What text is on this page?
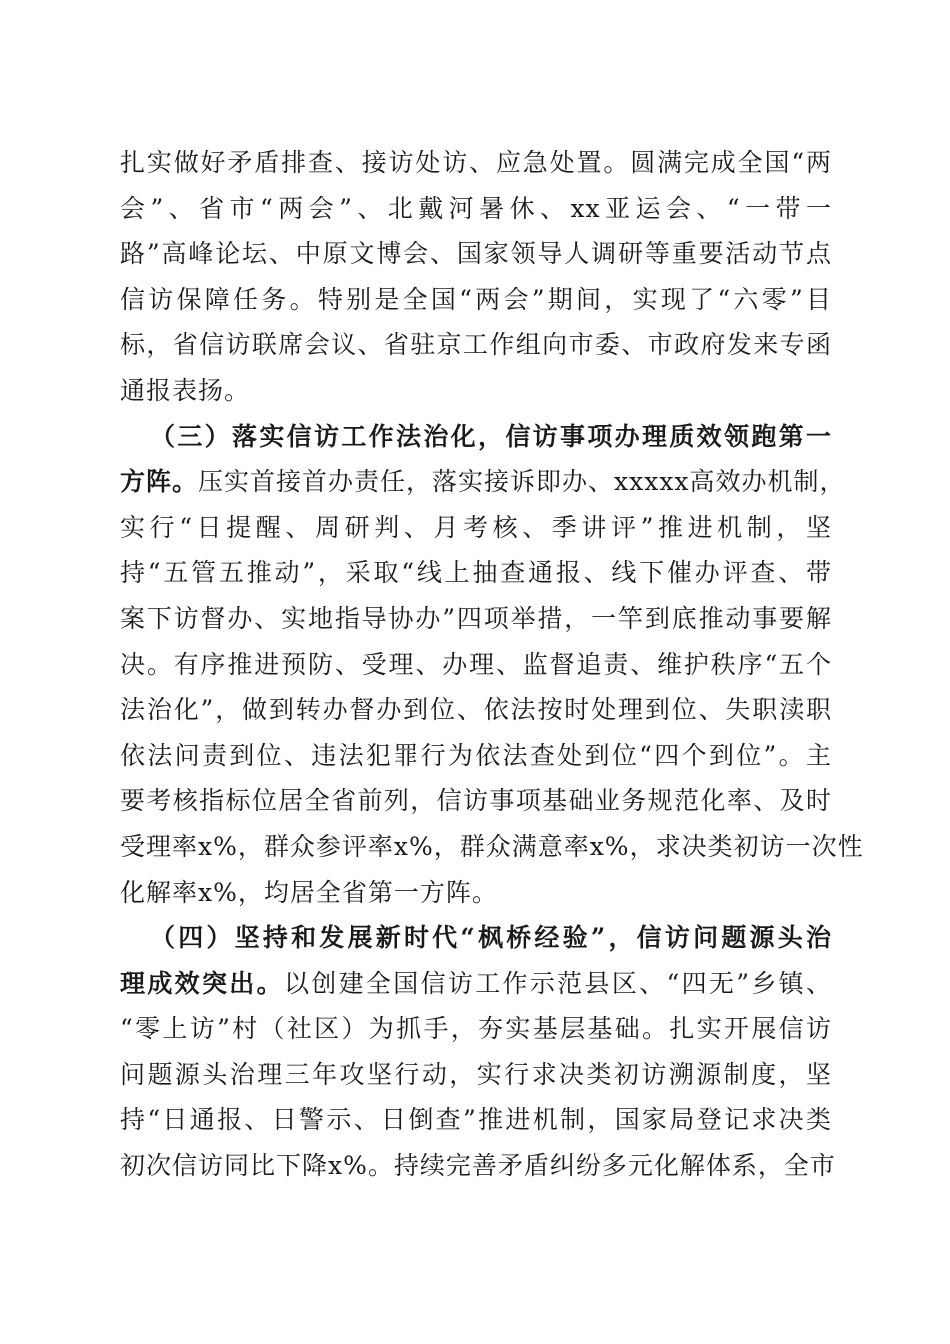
扎实做好矛盾排查、接访处访、应急处置。圆满完成全国“两
会”、省市“两会”、北戴河暑休、xx亚运会、“一带一
路”高峰论坛、中原文博会、国家领导人调研等重要活动节点
信访保障任务。特别是全国“两会”期间，实现了“六零”目
标，省信访联席会议、省驻京工作组向市委、市政府发来专函
通报表扬。
（三）落实信访工作法治化，信访事项办理质效领跑第一
方阵。压实首接首办责任，落实接诉即办、xxxxx高效办机制，
实行“日提醒、周研判、月考核、季讲评”推进机制，坚
持“五管五推动”，采取“线上抽查通报、线下催办评查、带
案下访督办、实地指导协办”四项举措，一竿到底推动事要解
决。有序推进预防、受理、办理、监督追责、维护秩序“五个
法治化”，做到转办督办到位、依法按时处理到位、失职渎职
依法问责到位、违法犯罪行为依法查处到位“四个到位”。主
要考核指标位居全省前列，信访事项基础业务规范化率、及时
受理率x%，群众参评率x%，群众满意率x%，求决类初访一次性
化解率x%，均居全省第一方阵。
（四）坚持和发展新时代“枫桥经验”，信访问题源头治
理成效突出。以创建全国信访工作示范县区、“四无”乡镇、
“零上访”村（社区）为抓手，夯实基层基础。扎实开展信访
问题源头治理三年攻坚行动，实行求决类初访溯源制度，坚
持“日通报、日警示、日倒查”推进机制，国家局登记求决类
初次信访同比下降x%。持续完善矛盾纠纷多元化解体系，全市
